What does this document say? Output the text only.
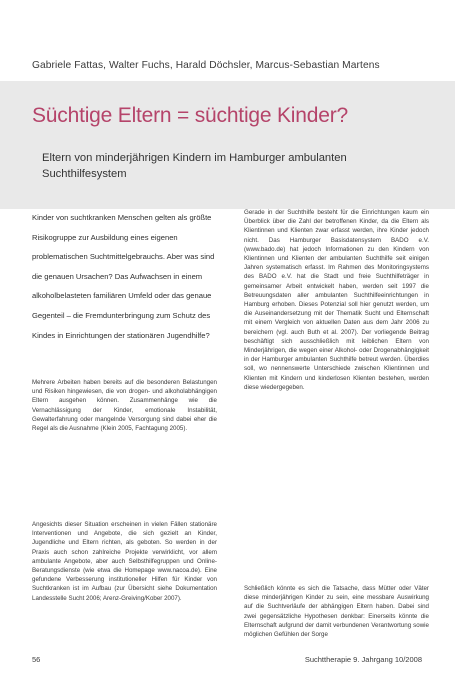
Gabriele Fattas, Walter Fuchs, Harald Döchsler, Marcus-Sebastian Martens
Süchtige Eltern = süchtige Kinder?
Eltern von minderjährigen Kindern im Hamburger ambulanten Suchthilfesystem

Kinder von suchtkranken Menschen gelten als größte Risikogruppe zur Ausbildung eines eigenen problematischen Suchtmittelgebrauchs. Aber was sind die genauen Ursachen? Das Aufwachsen in einem alkoholbelasteten familiären Umfeld oder das genaue Gegenteil – die Fremdunterbringung zum Schutz des Kindes in Einrichtungen der stationären Jugendhilfe?

Mehrere Arbeiten haben bereits auf die besonderen Belastungen und Risiken hingewiesen, die von drogen- und alkoholabhängigen Eltern ausgehen können. Zusammenhänge wie die Vernachlässigung der Kinder, emotionale Instabilität, Gewalterfahrung oder mangelnde Versorgung sind dabei eher die Regel als die Ausnahme (Klein 2005, Fachtagung 2005).

Angesichts dieser Situation erscheinen in vielen Fällen stationäre Interventionen und Angebote, die sich gezielt an Kinder, Jugendliche und Eltern richten, als geboten. So werden in der Praxis auch schon zahlreiche Projekte verwirklicht, vor allem ambulante Angebote, aber auch Selbsthilfegruppen und Online-Beratungsdienste (wie etwa die Homepage www.nacoa.de). Eine gefundene Verbesserung institutioneller Hilfen für Kinder von Suchtkranken ist im Aufbau (zur Übersicht siehe Dokumentation Landesstelle Sucht 2006; Arenz-Greiving/Kober 2007).

Gerade in der Suchthilfe besteht für die Einrichtungen kaum ein Überblick über die Zahl der betroffenen Kinder, da die Eltern als Klientinnen und Klienten zwar erfasst werden, ihre Kinder jedoch nicht. Das Hamburger Basisdatensystem BADO e.V. (www.bado.de) hat jedoch Informationen zu den Kindern von Klientinnen und Klienten der ambulanten Suchthilfe seit einigen Jahren systematisch erfasst. Im Rahmen des Monitoringsystems des BADO e.V. hat die Stadt und freie Suchthilfeträger in gemeinsamer Arbeit entwickelt haben, werden seit 1997 die Betreuungsdaten aller ambulanten Suchthilfeeinrichtungen in Hamburg erhoben. Dieses Potenzial soll hier genutzt werden, um die Auseinandersetzung mit der Thematik Sucht und Elternschaft mit einem Vergleich von aktuellen Daten aus dem Jahr 2006 zu bereichern (vgl. auch Buth et al. 2007). Der vorliegende Beitrag beschäftigt sich ausschließlich mit leiblichen Eltern von Minderjährigen, die wegen einer Alkohol- oder Drogenabhängigkeit in der Hamburger ambulanten Suchthilfe betreut werden. Überdies soll, wo nennenswerte Unterschiede zwischen Klientinnen und Klienten mit Kindern und kinderlosen Klienten bestehen, werden diese wiedergegeben.

Schließlich könnte es sich die Tatsache, dass Mütter oder Väter diese minderjährigen Kinder zu sein, eine messbare Auswirkung auf die Suchtverläufe der abhängigen Eltern haben. Dabei sind zwei gegensätzliche Hypothesen denkbar: Einerseits könnte die Elternschaft aufgrund der damit verbundenen Verantwortung sowie möglichen Gefühlen der Sorge

56	Suchttherapie 9. Jahrgang 10/2008
